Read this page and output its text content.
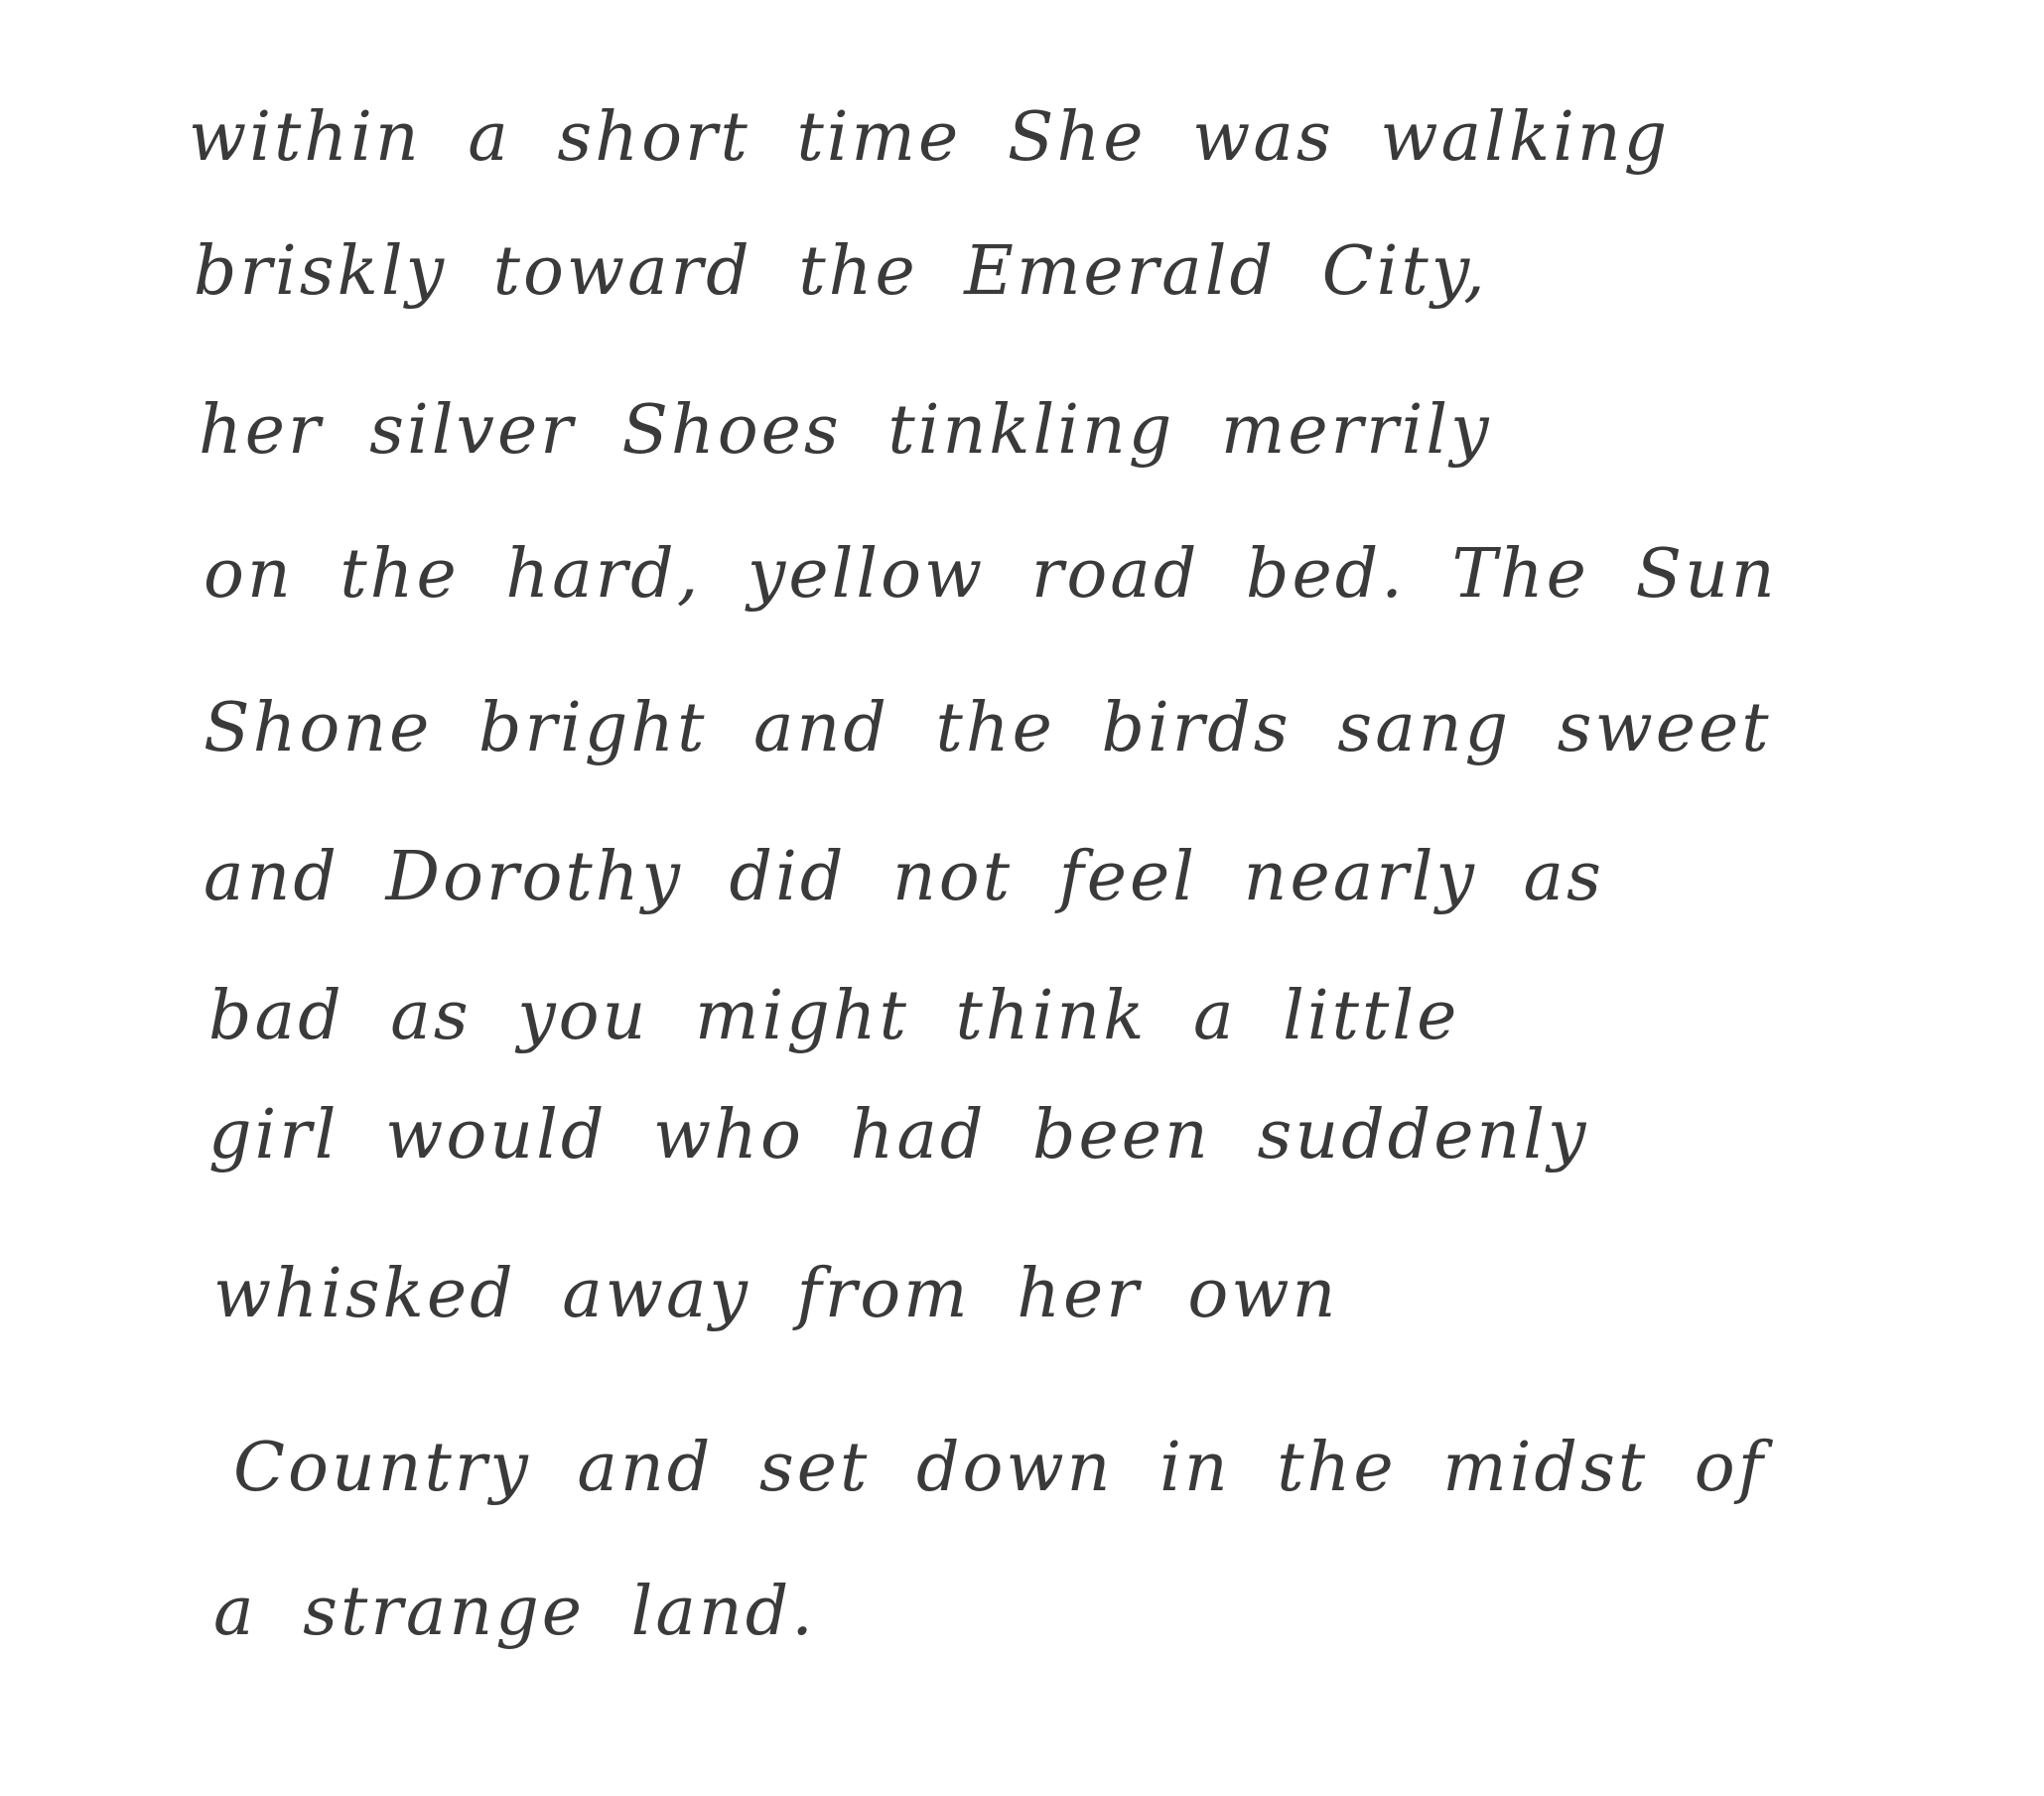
within a short time She was walking

briskly toward the Emerald City,

her silver Shoes tinkling merrily

on the hard, yellow road bed. The Sun

Shone bright and the birds sang sweet

and Dorothy did not feel nearly as

bad as you might think a little

girl would who had been suddenly

whisked away from her own

Country and set down in the midst of

a strange land.
